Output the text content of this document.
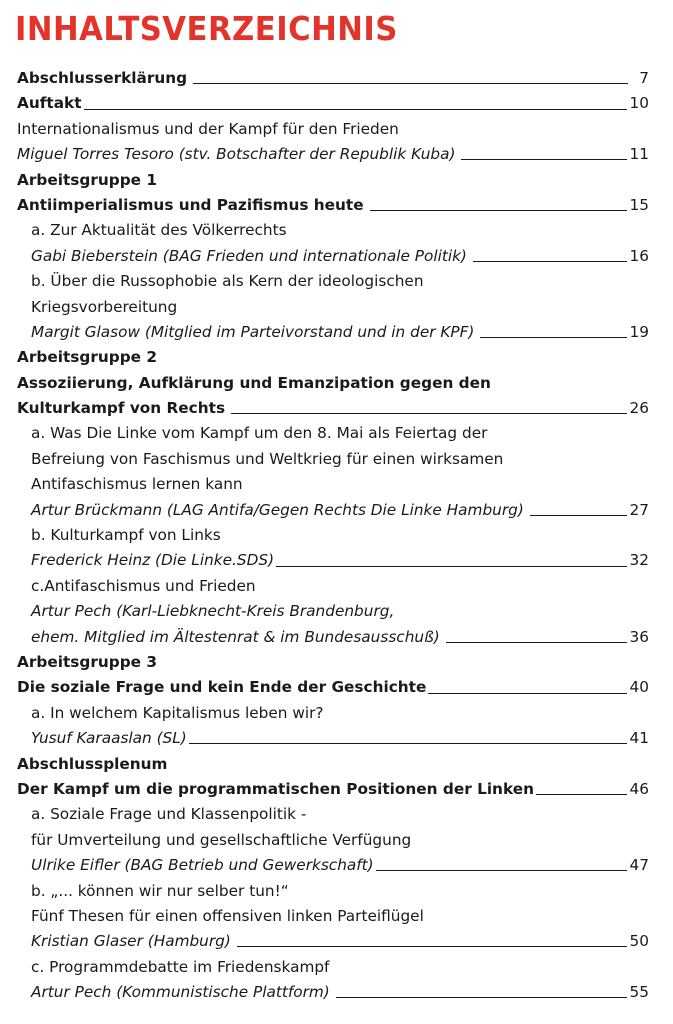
INHALTSVERZEICHNIS
Abschlusserklärung	7
Auftakt	10
Internationalismus und der Kampf für den Frieden
Miguel Torres Tesoro (stv. Botschafter der Republik Kuba)	11
Arbeitsgruppe 1
Antiimperialismus und Pazifismus heute	15
a. Zur Aktualität des Völkerrechts
Gabi Bieberstein (BAG Frieden und internationale Politik)	16
b. Über die Russophobie als Kern der ideologischen
Kriegsvorbereitung
Margit Glasow (Mitglied im Parteivorstand und in der KPF)	19
Arbeitsgruppe 2
Assoziierung, Aufklärung und Emanzipation gegen den
Kulturkampf von Rechts	26
a. Was Die Linke vom Kampf um den 8. Mai als Feiertag der
Befreiung von Faschismus und Weltkrieg für einen wirksamen
Antifaschismus lernen kann
Artur Brückmann (LAG Antifa/Gegen Rechts Die Linke Hamburg)	27
b. Kulturkampf von Links
Frederick Heinz (Die Linke.SDS)	32
c.Antifaschismus und Frieden
Artur Pech (Karl-Liebknecht-Kreis Brandenburg,
ehem. Mitglied im Ältestenrat & im Bundesausschuß)	36
Arbeitsgruppe 3
Die soziale Frage und kein Ende der Geschichte	40
a. In welchem Kapitalismus leben wir?
Yusuf Karaaslan (SL)	41
Abschlussplenum
Der Kampf um die programmatischen Positionen der Linken	46
a. Soziale Frage und Klassenpolitik -
für Umverteilung und gesellschaftliche Verfügung
Ulrike Eifler (BAG Betrieb und Gewerkschaft)	47
b. „... können wir nur selber tun!“
Fünf Thesen für einen offensiven linken Parteiflügel
Kristian Glaser (Hamburg)	50
c. Programmdebatte im Friedenskampf
Artur Pech (Kommunistische Plattform)	55
